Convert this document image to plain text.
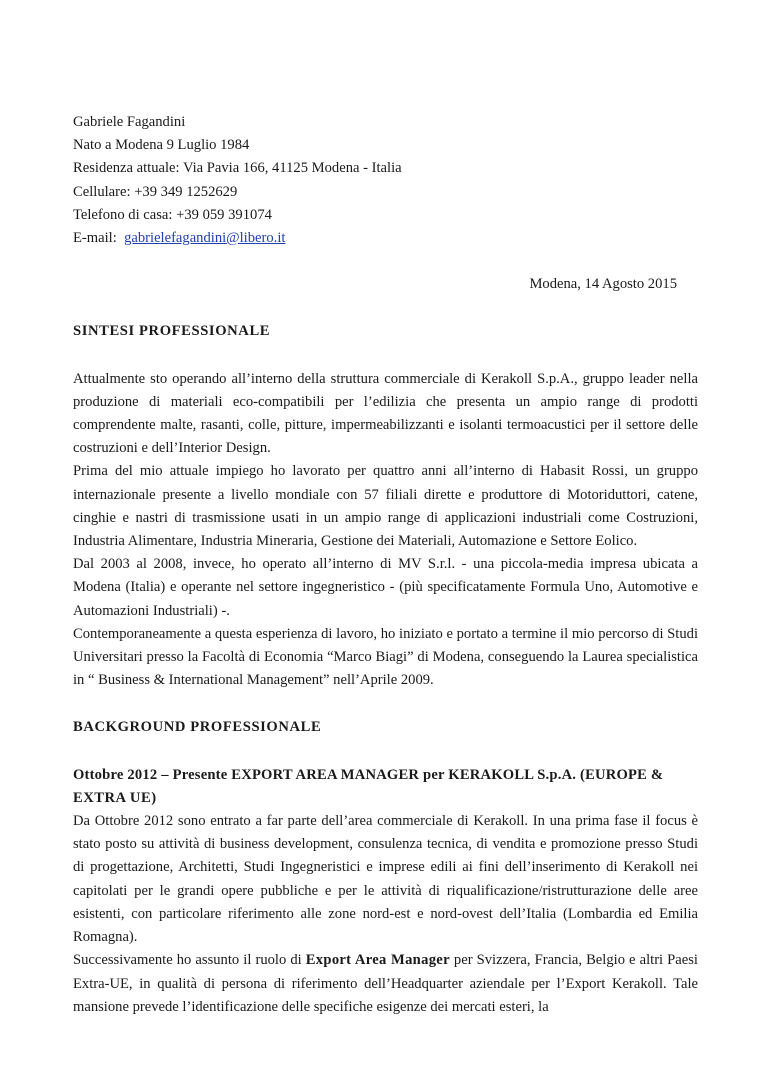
Gabriele Fagandini
Nato a Modena 9 Luglio 1984
Residenza attuale: Via Pavia 166, 41125 Modena - Italia
Cellulare: +39 349 1252629
Telefono di casa: +39 059 391074
E-mail: gabrielefagandini@libero.it
Modena, 14 Agosto 2015
SINTESI PROFESSIONALE
Attualmente sto operando all’interno della struttura commerciale di Kerakoll S.p.A., gruppo leader nella produzione di materiali eco-compatibili per l’edilizia che presenta un ampio range di prodotti comprendente malte, rasanti, colle, pitture, impermeabilizzanti e isolanti termoacustici per il settore delle costruzioni e dell’Interior Design.
Prima del mio attuale impiego ho lavorato per quattro anni all’interno di Habasit Rossi, un gruppo internazionale presente a livello mondiale con 57 filiali dirette e produttore di Motoriduttori, catene, cinghie e nastri di trasmissione usati in un ampio range di applicazioni industriali come Costruzioni, Industria Alimentare, Industria Mineraria, Gestione dei Materiali, Automazione e Settore Eolico.
Dal 2003 al 2008, invece, ho operato all’interno di MV S.r.l. - una piccola-media impresa ubicata a Modena (Italia) e operante nel settore ingegneristico - (più specificatamente Formula Uno, Automotive e Automazioni Industriali) -.
Contemporaneamente a questa esperienza di lavoro, ho iniziato e portato a termine il mio percorso di Studi Universitari presso la Facoltà di Economia “Marco Biagi” di Modena, conseguendo la Laurea specialistica in “ Business & International Management” nell’Aprile 2009.
BACKGROUND PROFESSIONALE
Ottobre 2012 – Presente EXPORT AREA MANAGER per KERAKOLL S.p.A. (EUROPE &
EXTRA UE)
Da Ottobre 2012 sono entrato a far parte dell’area commerciale di Kerakoll. In una prima fase il focus è stato posto su attività di business development, consulenza tecnica, di vendita e promozione presso Studi di progettazione, Architetti, Studi Ingegneristici e imprese edili ai fini dell’inserimento di Kerakoll nei capitolati per le grandi opere pubbliche e per le attività di riqualificazione/ristrutturazione delle aree esistenti, con particolare riferimento alle zone nord-est e nord-ovest dell’Italia (Lombardia ed Emilia Romagna).
Successivamente ho assunto il ruolo di Export Area Manager per Svizzera, Francia, Belgio e altri Paesi Extra-UE, in qualità di persona di riferimento dell’Headquarter aziendale per l’Export Kerakoll. Tale mansione prevede l’identificazione delle specifiche esigenze dei mercati esteri, la
